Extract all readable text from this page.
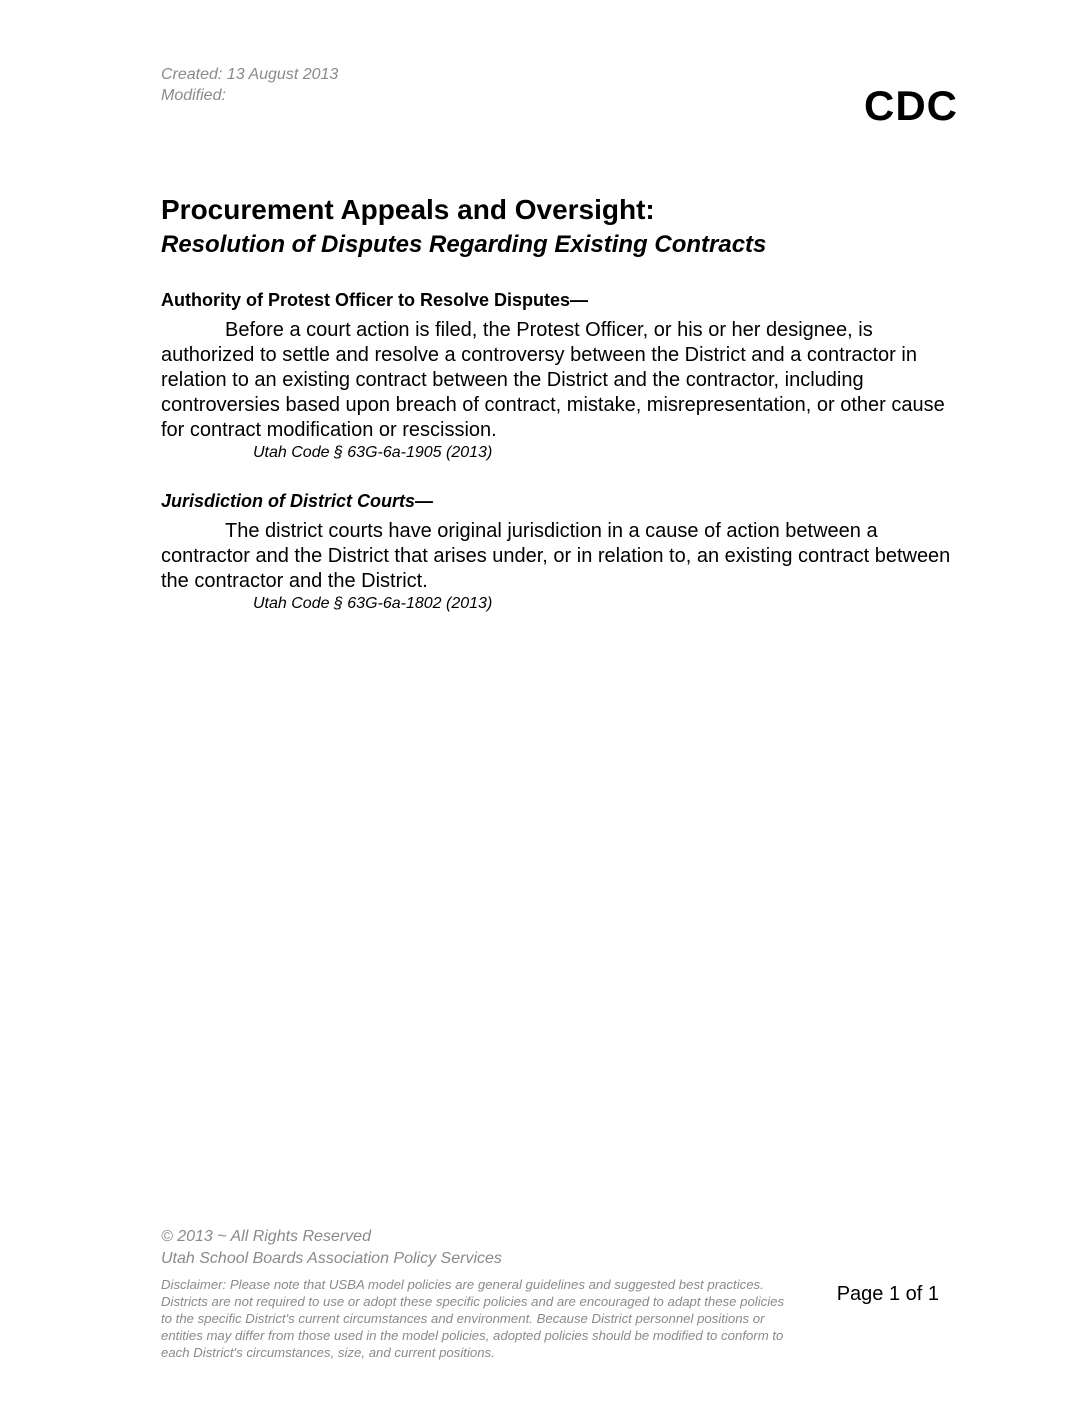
Created: 13 August 2013
Modified:	CDC
Procurement Appeals and Oversight:
Resolution of Disputes Regarding Existing Contracts
Authority of Protest Officer to Resolve Disputes—

Before a court action is filed, the Protest Officer, or his or her designee, is authorized to settle and resolve a controversy between the District and a contractor in relation to an existing contract between the District and the contractor, including controversies based upon breach of contract, mistake, misrepresentation, or other cause for contract modification or rescission.

Utah Code § 63G-6a-1905 (2013)
Jurisdiction of District Courts—

The district courts have original jurisdiction in a cause of action between a contractor and the District that arises under, or in relation to, an existing contract between the contractor and the District.

Utah Code § 63G-6a-1802 (2013)
© 2013 ~ All Rights Reserved
Utah School Boards Association Policy Services
Disclaimer: Please note that USBA model policies are general guidelines and suggested best practices. Districts are not required to use or adopt these specific policies and are encouraged to adapt these policies to the specific District's current circumstances and environment. Because District personnel positions or entities may differ from those used in the model policies, adopted policies should be modified to conform to each District's circumstances, size, and current positions.
Page 1 of 1
